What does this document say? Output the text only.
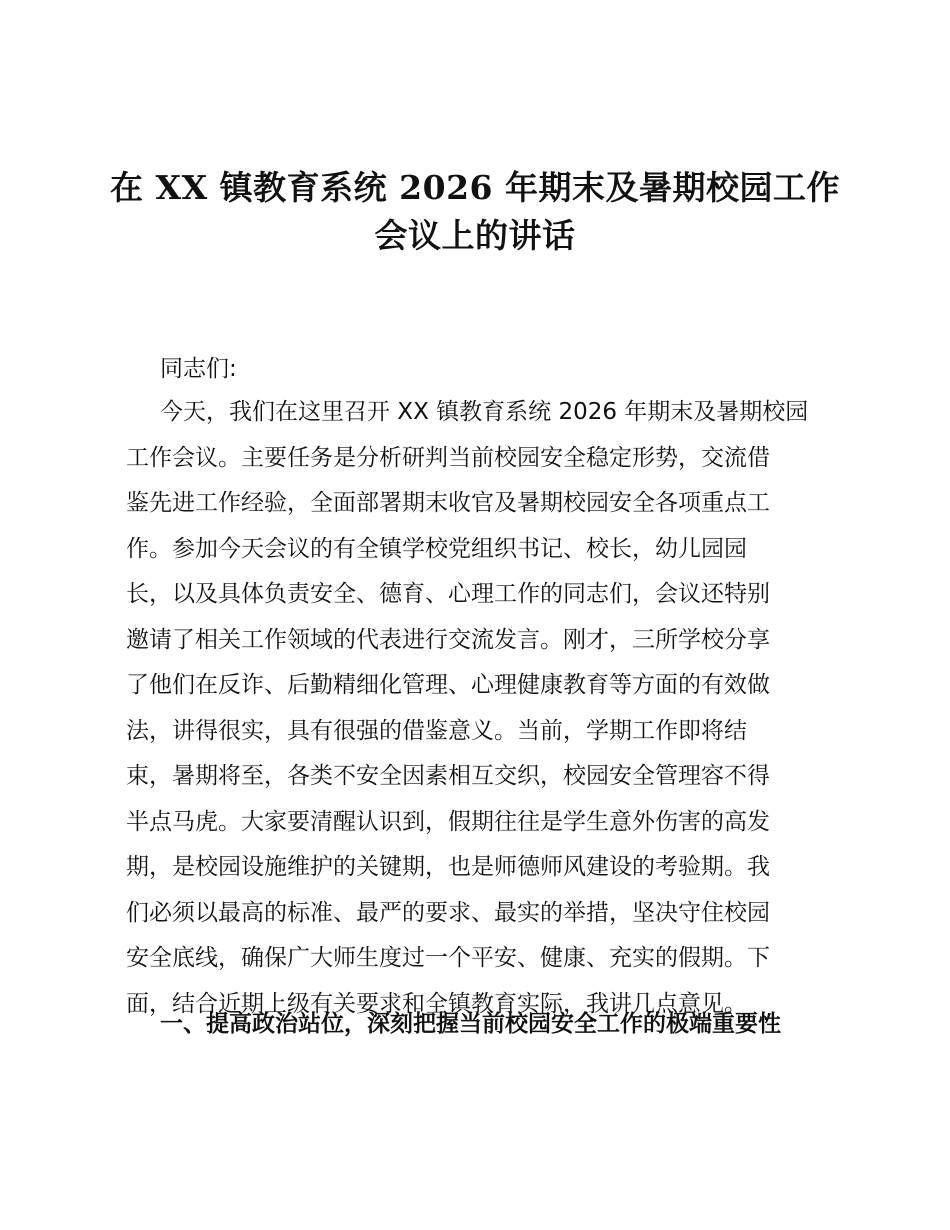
在 XX 镇教育系统 2026 年期末及暑期校园工作
会议上的讲话
同志们:
今天，我们在这里召开 XX 镇教育系统 2026 年期末及暑期校园
工作会议。主要任务是分析研判当前校园安全稳定形势，交流借
鉴先进工作经验，全面部署期末收官及暑期校园安全各项重点工
作。参加今天会议的有全镇学校党组织书记、校长，幼儿园园
长，以及具体负责安全、德育、心理工作的同志们，会议还特别
邀请了相关工作领域的代表进行交流发言。刚才，三所学校分享
了他们在反诈、后勤精细化管理、心理健康教育等方面的有效做
法，讲得很实，具有很强的借鉴意义。当前，学期工作即将结
束，暑期将至，各类不安全因素相互交织，校园安全管理容不得
半点马虎。大家要清醒认识到，假期往往是学生意外伤害的高发
期，是校园设施维护的关键期，也是师德师风建设的考验期。我
们必须以最高的标准、最严的要求、最实的举措，坚决守住校园
安全底线，确保广大师生度过一个平安、健康、充实的假期。下
面，结合近期上级有关要求和全镇教育实际，我讲几点意见。
一、提高政治站位，深刻把握当前校园安全工作的极端重要性
